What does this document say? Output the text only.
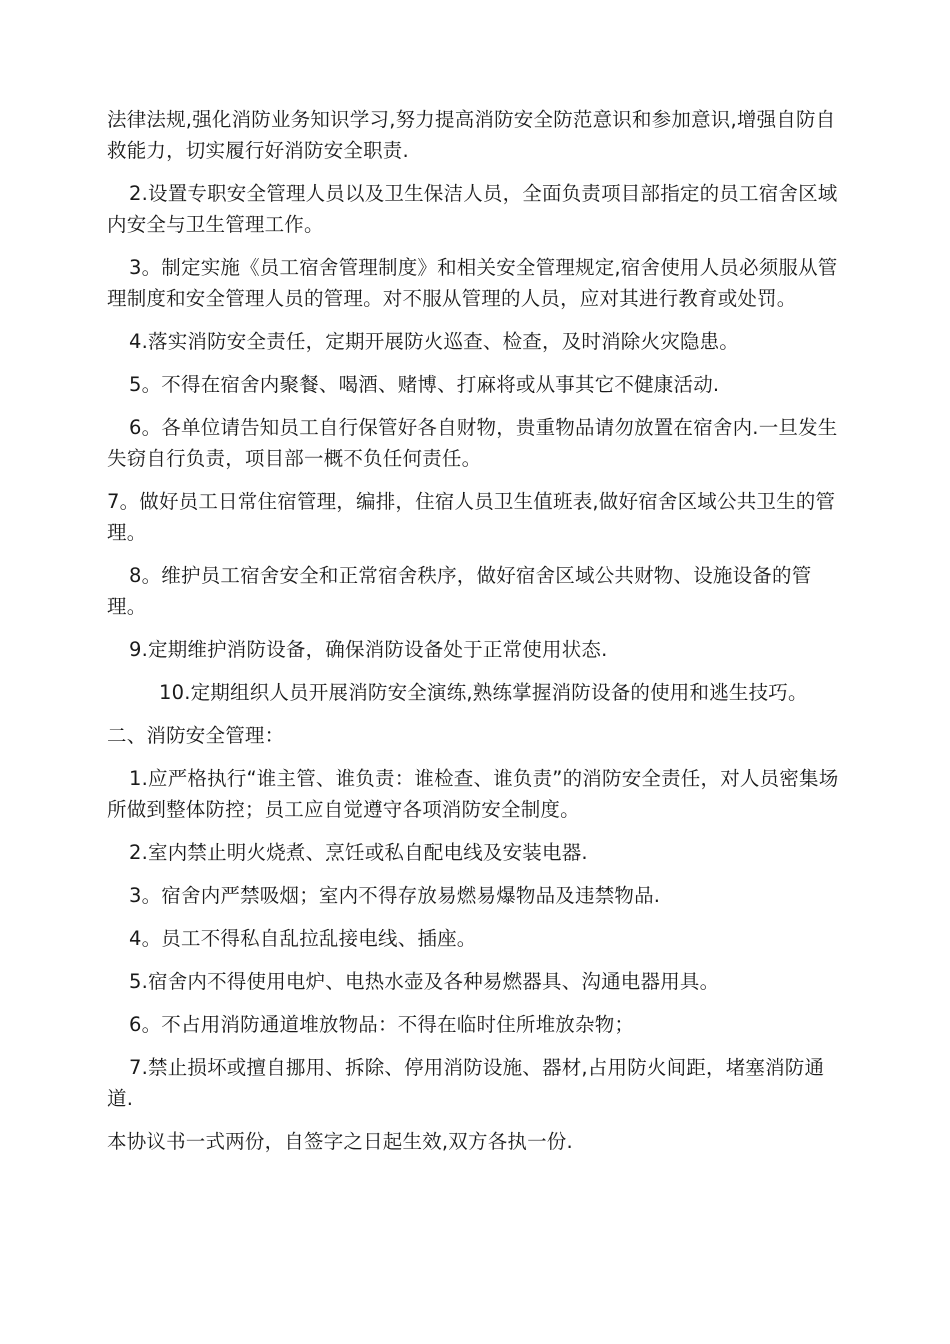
法律法规,强化消防业务知识学习,努力提高消防安全防范意识和参加意识,增强自防自救能力，切实履行好消防安全职责.

2.设置专职安全管理人员以及卫生保洁人员，全面负责项目部指定的员工宿舍区域内安全与卫生管理工作。

3。制定实施《员工宿舍管理制度》和相关安全管理规定,宿舍使用人员必须服从管理制度和安全管理人员的管理。对不服从管理的人员，应对其进行教育或处罚。

4.落实消防安全责任，定期开展防火巡查、检查，及时消除火灾隐患。

5。不得在宿舍内聚餐、喝酒、赌博、打麻将或从事其它不健康活动.

6。各单位请告知员工自行保管好各自财物，贵重物品请勿放置在宿舍内.一旦发生失窃自行负责，项目部一概不负任何责任。

7。做好员工日常住宿管理，编排，住宿人员卫生值班表,做好宿舍区域公共卫生的管理。

8。维护员工宿舍安全和正常宿舍秩序，做好宿舍区域公共财物、设施设备的管理。

9.定期维护消防设备，确保消防设备处于正常使用状态.

10.定期组织人员开展消防安全演练,熟练掌握消防设备的使用和逃生技巧。

二、消防安全管理：

1.应严格执行“谁主管、谁负责：谁检查、谁负责”的消防安全责任，对人员密集场所做到整体防控；员工应自觉遵守各项消防安全制度。

2.室内禁止明火烧煮、烹饪或私自配电线及安装电器.

3。宿舍内严禁吸烟；室内不得存放易燃易爆物品及违禁物品.

4。员工不得私自乱拉乱接电线、插座。

5.宿舍内不得使用电炉、电热水壶及各种易燃器具、沟通电器用具。

6。不占用消防通道堆放物品：不得在临时住所堆放杂物；

7.禁止损坏或擅自挪用、拆除、停用消防设施、器材,占用防火间距，堵塞消防通道.

本协议书一式两份，自签字之日起生效,双方各执一份.
